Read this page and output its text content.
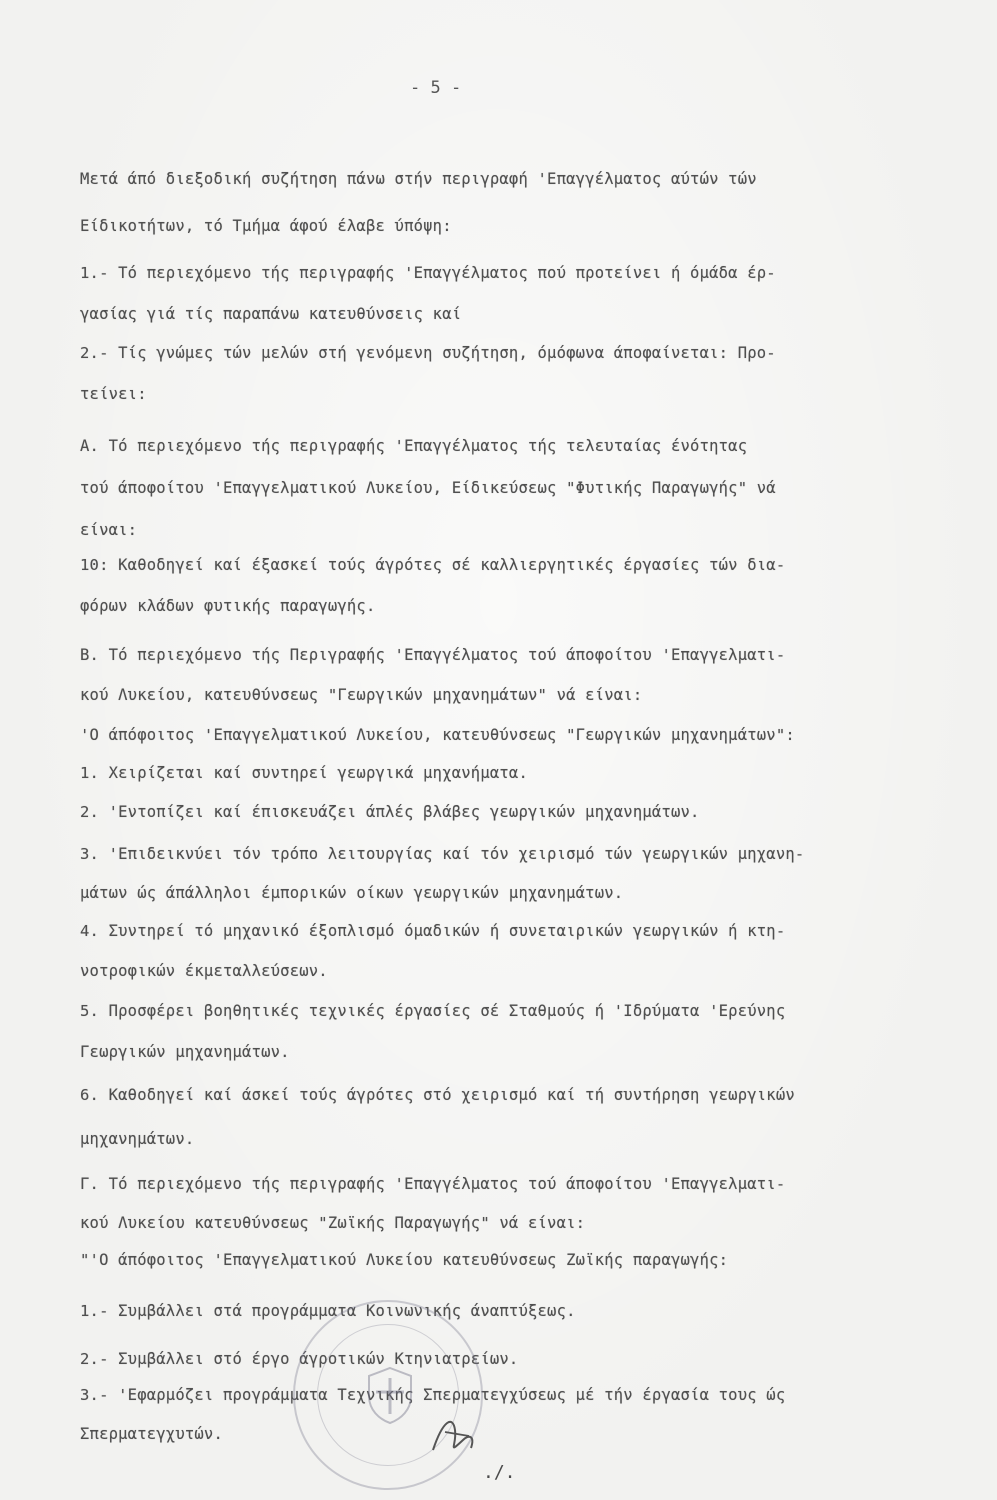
- 5 -
Μετά άπό διεξοδική συζήτηση πάνω στήν περιγραφή 'Επαγγέλματος αύτών τών
Είδικοτήτων, τό Τμήμα άφού έλαβε ύπόψη:
1.- Τό περιεχόμενο τής περιγραφής 'Επαγγέλματος πού προτείνει ή όμάδα έρ-
γασίας γιά τίς παραπάνω κατευθύνσεις καί
2.- Τίς γνώμες τών μελών στή γενόμενη συζήτηση, όμόφωνα άποφαίνεται: Προ-
τείνει:
Α. Τό περιεχόμενο τής περιγραφής 'Επαγγέλματος τής τελευταίας ένότητας
τού άποφοίτου 'Επαγγελματικού Λυκείου, Είδικεύσεως "Φυτικής Παραγωγής" νά
είναι:
10: Καθοδηγεί καί έξασκεί τούς άγρότες σέ καλλιεργητικές έργασίες τών δια-
φόρων κλάδων φυτικής παραγωγής.
Β. Τό περιεχόμενο τής Περιγραφής 'Επαγγέλματος τού άποφοίτου 'Επαγγελματι-
κού Λυκείου, κατευθύνσεως "Γεωργικών μηχανημάτων" νά είναι:
'Ο άπόφοιτος 'Επαγγελματικού Λυκείου, κατευθύνσεως "Γεωργικών μηχανημάτων":
1. Χειρίζεται καί συντηρεί γεωργικά μηχανήματα.
2. 'Εντοπίζει καί έπισκευάζει άπλές βλάβες γεωργικών μηχανημάτων.
3. 'Επιδεικνύει τόν τρόπο λειτουργίας καί τόν χειρισμό τών γεωργικών μηχανη-
μάτων ώς άπάλληλοι έμπορικών οίκων γεωργικών μηχανημάτων.
4. Συντηρεί τό μηχανικό έξοπλισμό όμαδικών ή συνεταιρικών γεωργικών ή κτη-
νοτροφικών έκμεταλλεύσεων.
5. Προσφέρει βοηθητικές τεχνικές έργασίες σέ Σταθμούς ή 'Ιδρύματα 'Ερεύνης
Γεωργικών μηχανημάτων.
6. Καθοδηγεί καί άσκεί τούς άγρότες στό χειρισμό καί τή συντήρηση γεωργικών
μηχανημάτων.
Γ. Τό περιεχόμενο τής περιγραφής 'Επαγγέλματος τού άποφοίτου 'Επαγγελματι-
κού Λυκείου κατευθύνσεως "Ζωϊκής Παραγωγής" νά είναι:
"'Ο άπόφοιτος 'Επαγγελματικού Λυκείου κατευθύνσεως Ζωϊκής παραγωγής:
1.- Συμβάλλει στά προγράμματα Κοινωνικής άναπτύξεως.
2.- Συμβάλλει στό έργο άγροτικών Κτηνιατρείων.
3.- 'Εφαρμόζει προγράμματα Τεχνικής Σπερματεγχύσεως μέ τήν έργασία τους ώς
Σπερματεγχυτών.
./.
